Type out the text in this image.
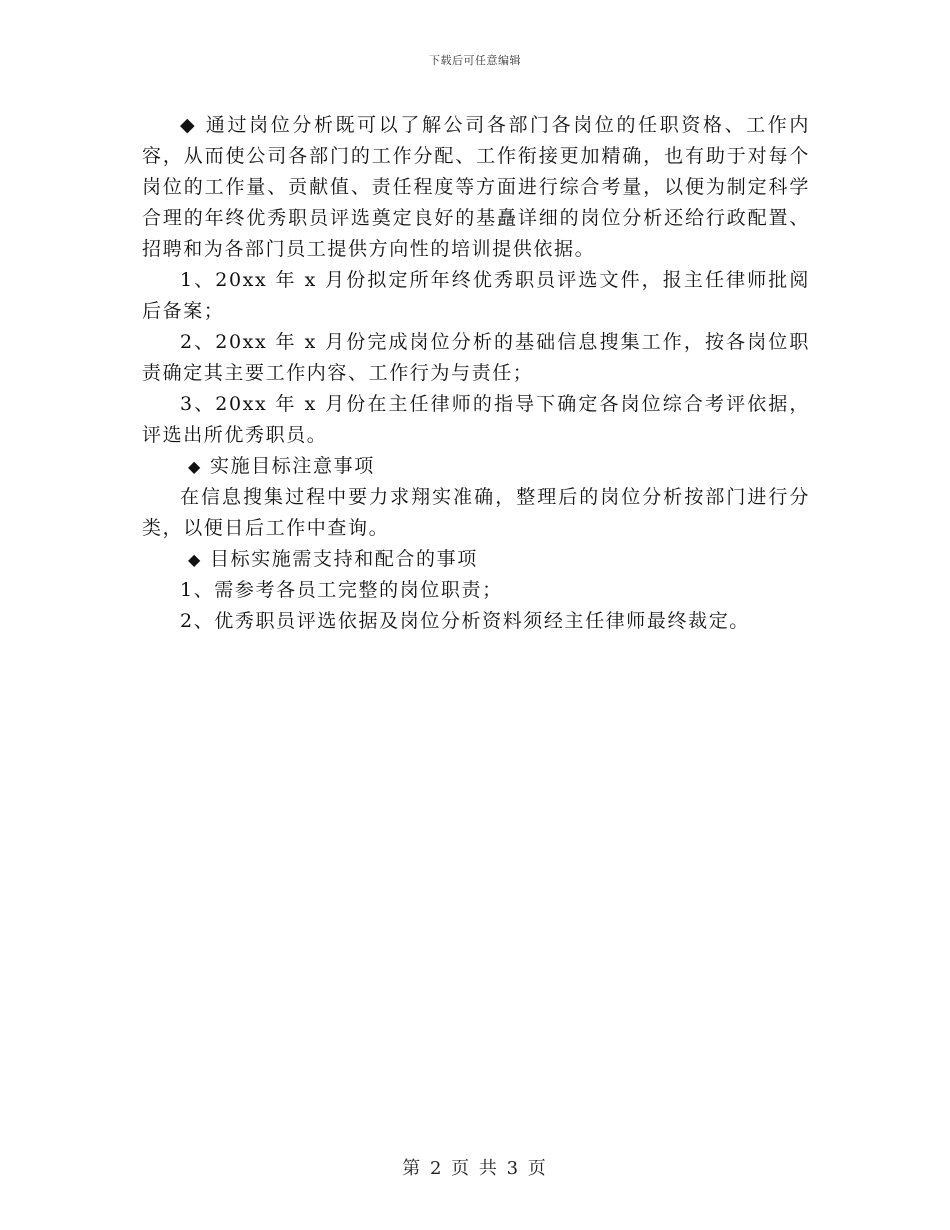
下载后可任意编辑

◆ 通过岗位分析既可以了解公司各部门各岗位的任职资格、工作内容，从而使公司各部门的工作分配、工作衔接更加精确，也有助于对每个岗位的工作量、贡献值、责任程度等方面进行综合考量，以便为制定科学合理的年终优秀职员评选奠定良好的基矗详细的岗位分析还给行政配置、招聘和为各部门员工提供方向性的培训提供依据。

1、20xx 年 x 月份拟定所年终优秀职员评选文件，报主任律师批阅后备案；

2、20xx 年 x 月份完成岗位分析的基础信息搜集工作，按各岗位职责确定其主要工作内容、工作行为与责任；

3、20xx 年 x 月份在主任律师的指导下确定各岗位综合考评依据，评选出所优秀职员。

◆ 实施目标注意事项

在信息搜集过程中要力求翔实准确，整理后的岗位分析按部门进行分类，以便日后工作中查询。

◆ 目标实施需支持和配合的事项

1、需参考各员工完整的岗位职责；

2、优秀职员评选依据及岗位分析资料须经主任律师最终裁定。

第 2 页 共 3 页
